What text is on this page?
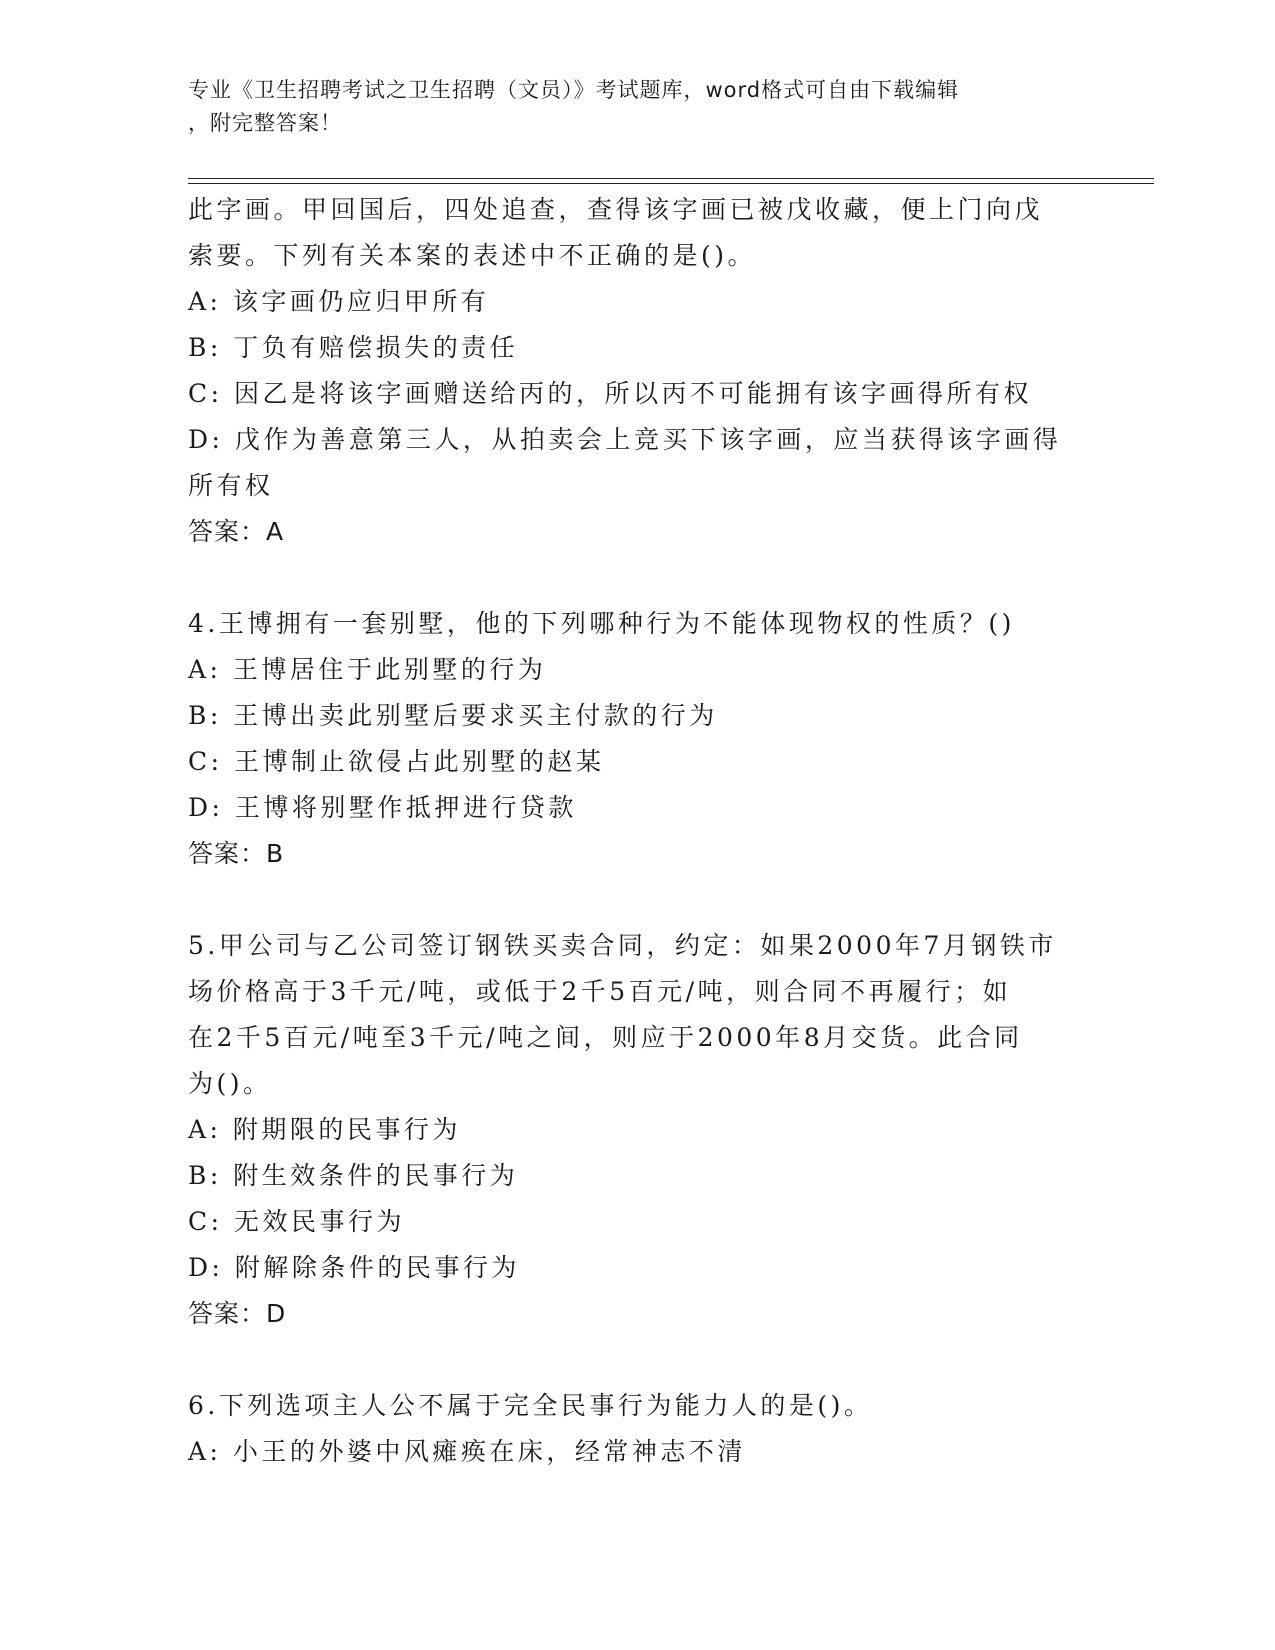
专业《卫生招聘考试之卫生招聘（文员）》考试题库，word格式可自由下载编辑
，附完整答案！
此字画。甲回国后，四处追查，查得该字画已被戊收藏，便上门向戊
索要。下列有关本案的表述中不正确的是()。
A: 该字画仍应归甲所有
B: 丁负有赔偿损失的责任
C: 因乙是将该字画赠送给丙的，所以丙不可能拥有该字画得所有权
D: 戊作为善意第三人，从拍卖会上竞买下该字画，应当获得该字画得
所有权
答案：A
4.王博拥有一套别墅，他的下列哪种行为不能体现物权的性质？()
A: 王博居住于此别墅的行为
B: 王博出卖此别墅后要求买主付款的行为
C: 王博制止欲侵占此别墅的赵某
D: 王博将别墅作抵押进行贷款
答案：B
5.甲公司与乙公司签订钢铁买卖合同，约定：如果2000年7月钢铁市
场价格高于3千元/吨，或低于2千5百元/吨，则合同不再履行；如
在2千5百元/吨至3千元/吨之间，则应于2000年8月交货。此合同
为()。
A: 附期限的民事行为
B: 附生效条件的民事行为
C: 无效民事行为
D: 附解除条件的民事行为
答案：D
6.下列选项主人公不属于完全民事行为能力人的是()。
A: 小王的外婆中风瘫痪在床，经常神志不清
